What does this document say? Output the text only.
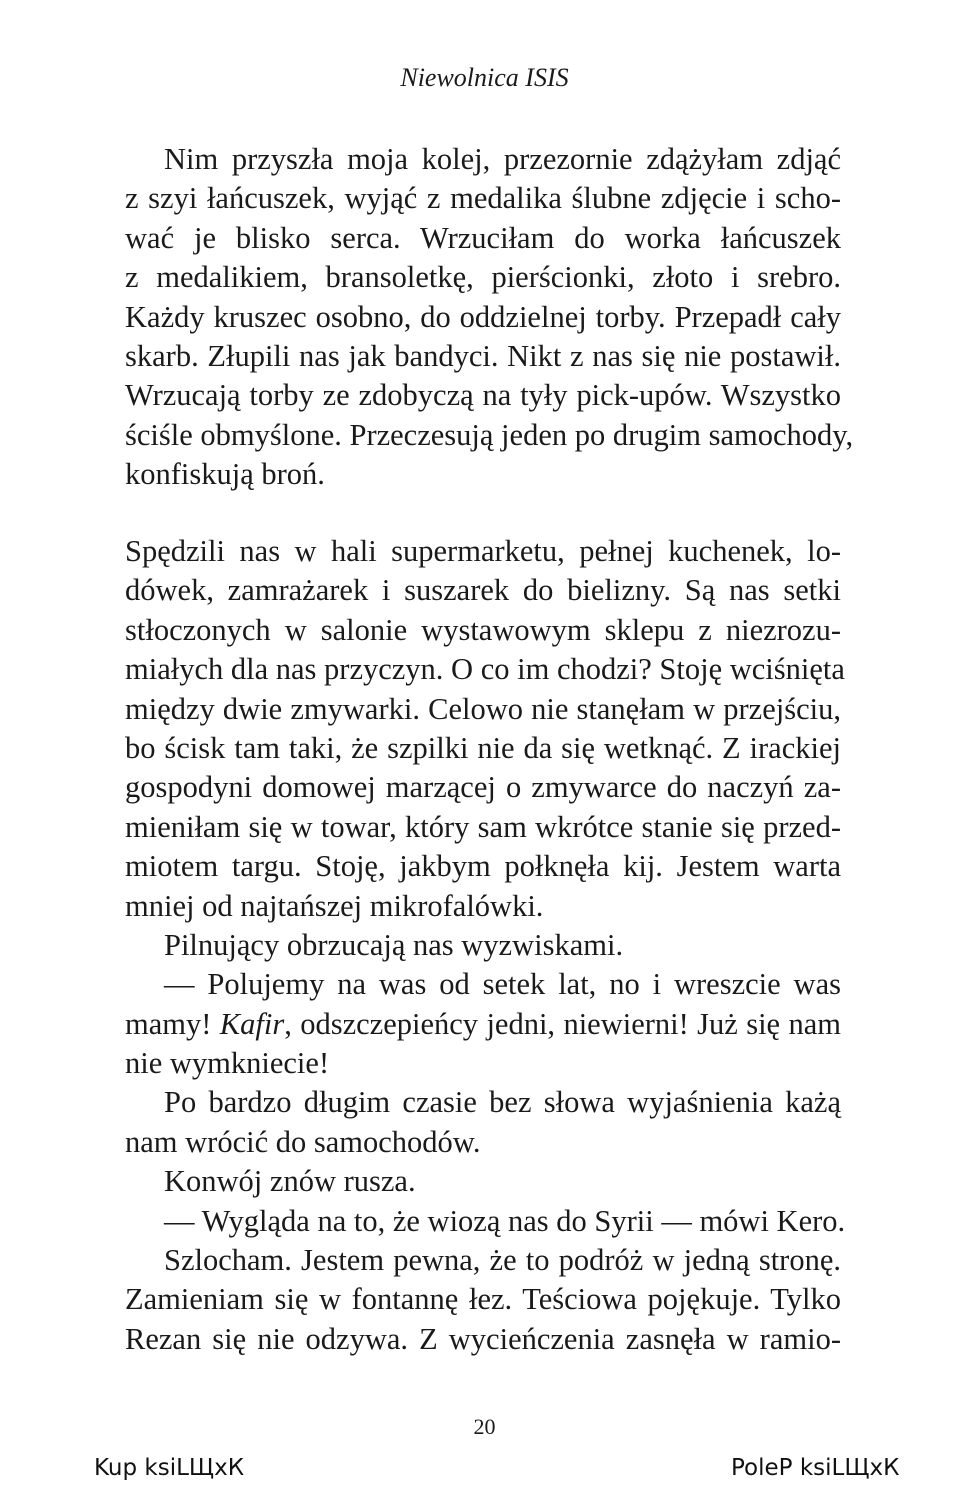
Niewolnica ISIS
Nim przyszła moja kolej, przezornie zdążyłam zdjąć
z szyi łańcuszek, wyjąć z medalika ślubne zdjęcie i scho-
wać je blisko serca. Wrzuciłam do worka łańcuszek
z medalikiem, bransoletkę, pierścionki, złoto i srebro.
Każdy kruszec osobno, do oddzielnej torby. Przepadł cały
skarb. Złupili nas jak bandyci. Nikt z nas się nie postawił.
Wrzucają torby ze zdobyczą na tyły pick-upów. Wszystko
ściśle obmyślone. Przeczesują jeden po drugim samochody,
konfiskują broń.
Spędzili nas w hali supermarketu, pełnej kuchenek, lo-
dówek, zamrażarek i suszarek do bielizny. Są nas setki
stłoczonych w salonie wystawowym sklepu z niezrozu-
miałych dla nas przyczyn. O co im chodzi? Stoję wciśnięta
między dwie zmywarki. Celowo nie stanęłam w przejściu,
bo ścisk tam taki, że szpilki nie da się wetknąć. Z irackiej
gospodyni domowej marzącej o zmywarce do naczyń za-
mieniłam się w towar, który sam wkrótce stanie się przed-
miotem targu. Stoję, jakbym połknęła kij. Jestem warta
mniej od najtańszej mikrofalówki.
Pilnujący obrzucają nas wyzwiskami.
— Polujemy na was od setek lat, no i wreszcie was
mamy! Kafir, odszczepieńcy jedni, niewierni! Już się nam
nie wymkniecie!
Po bardzo długim czasie bez słowa wyjaśnienia każą
nam wrócić do samochodów.
Konwój znów rusza.
— Wygląda na to, że wiozą nas do Syrii — mówi Kero.
Szlocham. Jestem pewna, że to podróż w jedną stronę.
Zamieniam się w fontannę łez. Teściowa pojękuje. Tylko
Rezan się nie odzywa. Z wycieńczenia zasnęła w ramio-
20
Kup ksiLЩxК	PoleP ksiLЩxК
